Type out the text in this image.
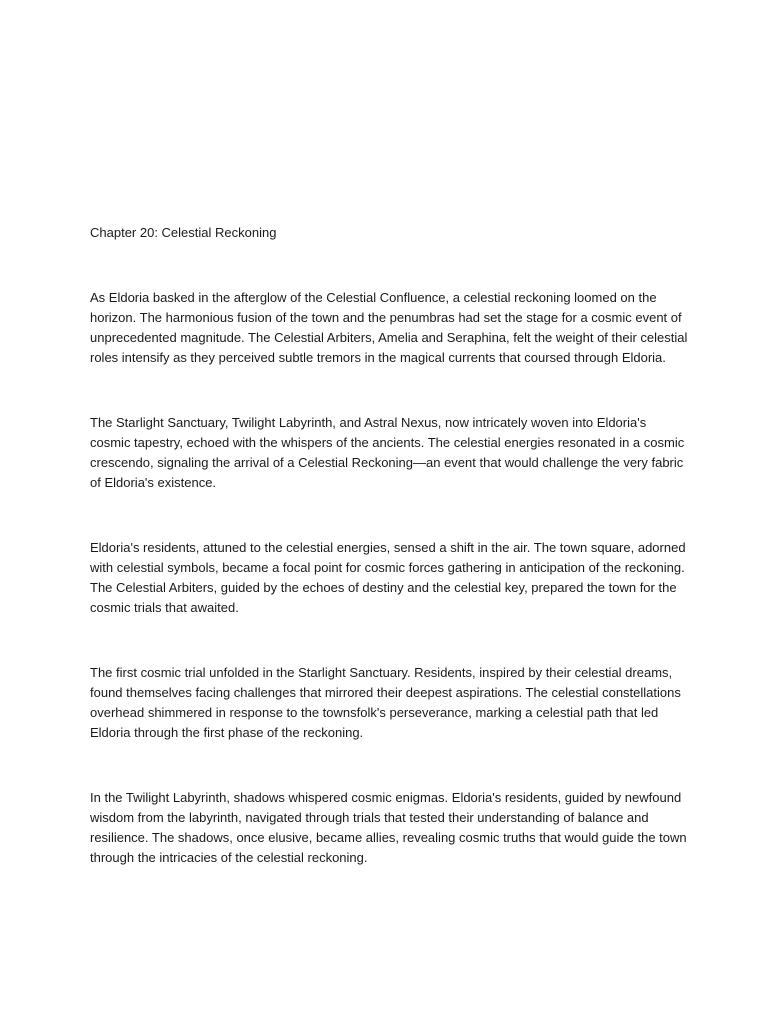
Chapter 20: Celestial Reckoning

As Eldoria basked in the afterglow of the Celestial Confluence, a celestial reckoning loomed on the horizon. The harmonious fusion of the town and the penumbras had set the stage for a cosmic event of unprecedented magnitude. The Celestial Arbiters, Amelia and Seraphina, felt the weight of their celestial roles intensify as they perceived subtle tremors in the magical currents that coursed through Eldoria.

The Starlight Sanctuary, Twilight Labyrinth, and Astral Nexus, now intricately woven into Eldoria's cosmic tapestry, echoed with the whispers of the ancients. The celestial energies resonated in a cosmic crescendo, signaling the arrival of a Celestial Reckoning—an event that would challenge the very fabric of Eldoria's existence.

Eldoria's residents, attuned to the celestial energies, sensed a shift in the air. The town square, adorned with celestial symbols, became a focal point for cosmic forces gathering in anticipation of the reckoning. The Celestial Arbiters, guided by the echoes of destiny and the celestial key, prepared the town for the cosmic trials that awaited.

The first cosmic trial unfolded in the Starlight Sanctuary. Residents, inspired by their celestial dreams, found themselves facing challenges that mirrored their deepest aspirations. The celestial constellations overhead shimmered in response to the townsfolk's perseverance, marking a celestial path that led Eldoria through the first phase of the reckoning.

In the Twilight Labyrinth, shadows whispered cosmic enigmas. Eldoria's residents, guided by newfound wisdom from the labyrinth, navigated through trials that tested their understanding of balance and resilience. The shadows, once elusive, became allies, revealing cosmic truths that would guide the town through the intricacies of the celestial reckoning.
